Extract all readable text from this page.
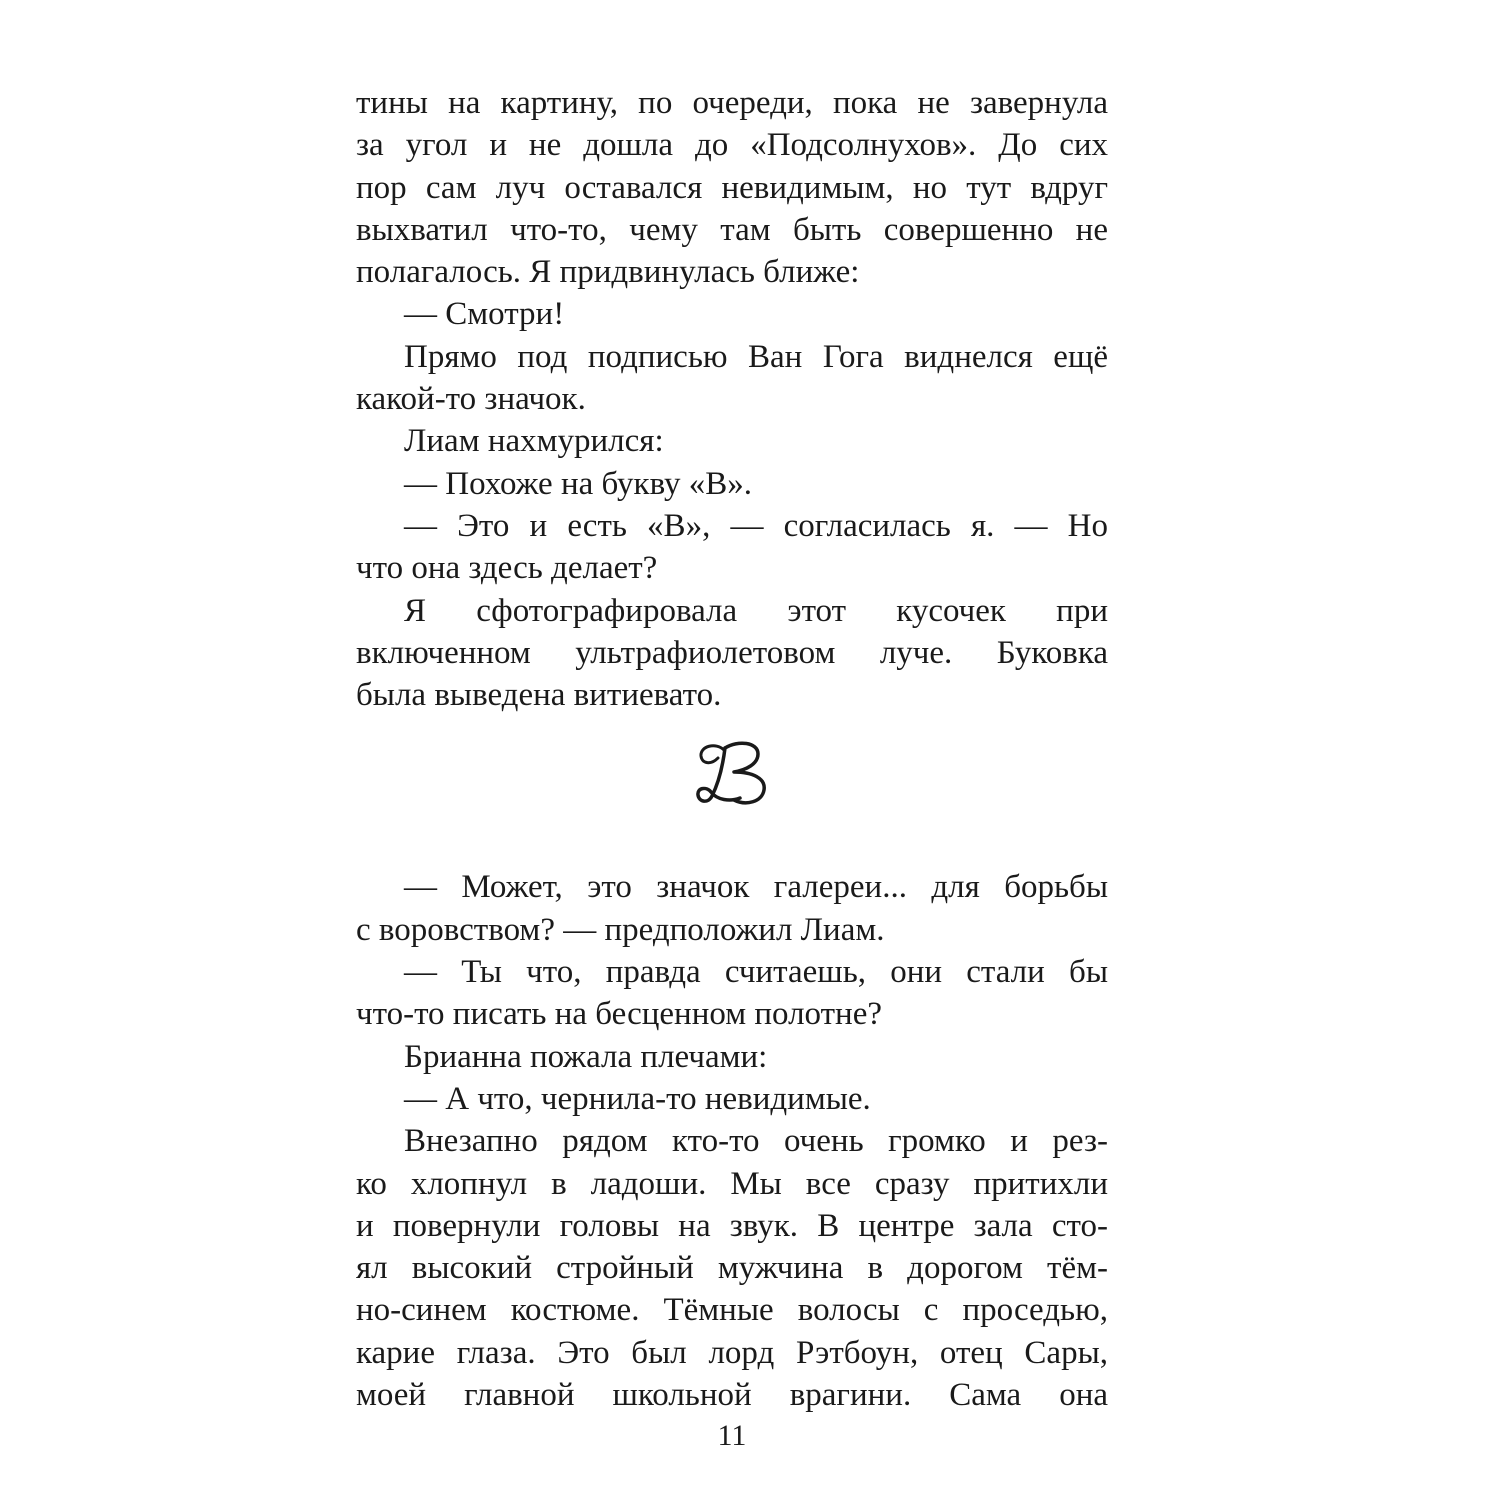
тины на картину, по очереди, пока не завернула
за угол и не дошла до «Подсолнухов». До сих
пор сам луч оставался невидимым, но тут вдруг
выхватил что-то, чему там быть совершенно не
полагалось. Я придвинулась ближе:
— Смотри!
Прямо под подписью Ван Гога виднелся ещё
какой-то значок.
Лиам нахмурился:
— Похоже на букву «В».
— Это и есть «В», — согласилась я. — Но
что она здесь делает?
Я сфотографировала этот кусочек при
включенном ультрафиолетовом луче. Буковка
была выведена витиевато.
— Может, это значок галереи... для борьбы
с воровством? — предположил Лиам.
— Ты что, правда считаешь, они стали бы
что-то писать на бесценном полотне?
Брианна пожала плечами:
— А что, чернила-то невидимые.
Внезапно рядом кто-то очень громко и рез-
ко хлопнул в ладоши. Мы все сразу притихли
и повернули головы на звук. В центре зала сто-
ял высокий стройный мужчина в дорогом тём-
но-синем костюме. Тёмные волосы с проседью,
карие глаза. Это был лорд Рэтбоун, отец Сары,
моей главной школьной врагини. Сама она
11
